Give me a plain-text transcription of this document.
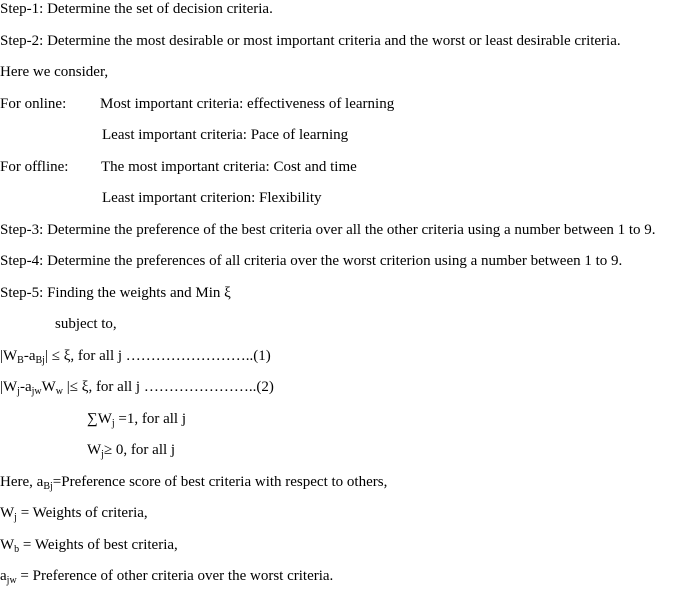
Step-1: Determine the set of decision criteria.
Step-2: Determine the most desirable or most important criteria and the worst or least desirable criteria.
Here we consider,
For online: Most important criteria: effectiveness of learning
Least important criteria: Pace of learning
For offline: The most important criteria: Cost and time
Least important criterion: Flexibility
Step-3: Determine the preference of the best criteria over all the other criteria using a number between 1 to 9.
Step-4: Determine the preferences of all criteria over the worst criterion using a number between 1 to 9.
Step-5: Finding the weights and Min ξ
subject to,
$|W_B-a_{Bj}| \le \xi$, for all j ……………………..(1)
$|W_j-a_{jw}W_w$ |≤ ξ, for all j …………………..(2)
$\sum W_j =1$, for all j
$W_j\ge 0$, for all j
Here, $a_{Bj}=Preference$ score of best criteria with respect to others,
$W_j$ = Weights of criteria,
$W_b$ = Weights of best criteria,
$a_{jw}$ = Preference of other criteria over the worst criteria.
